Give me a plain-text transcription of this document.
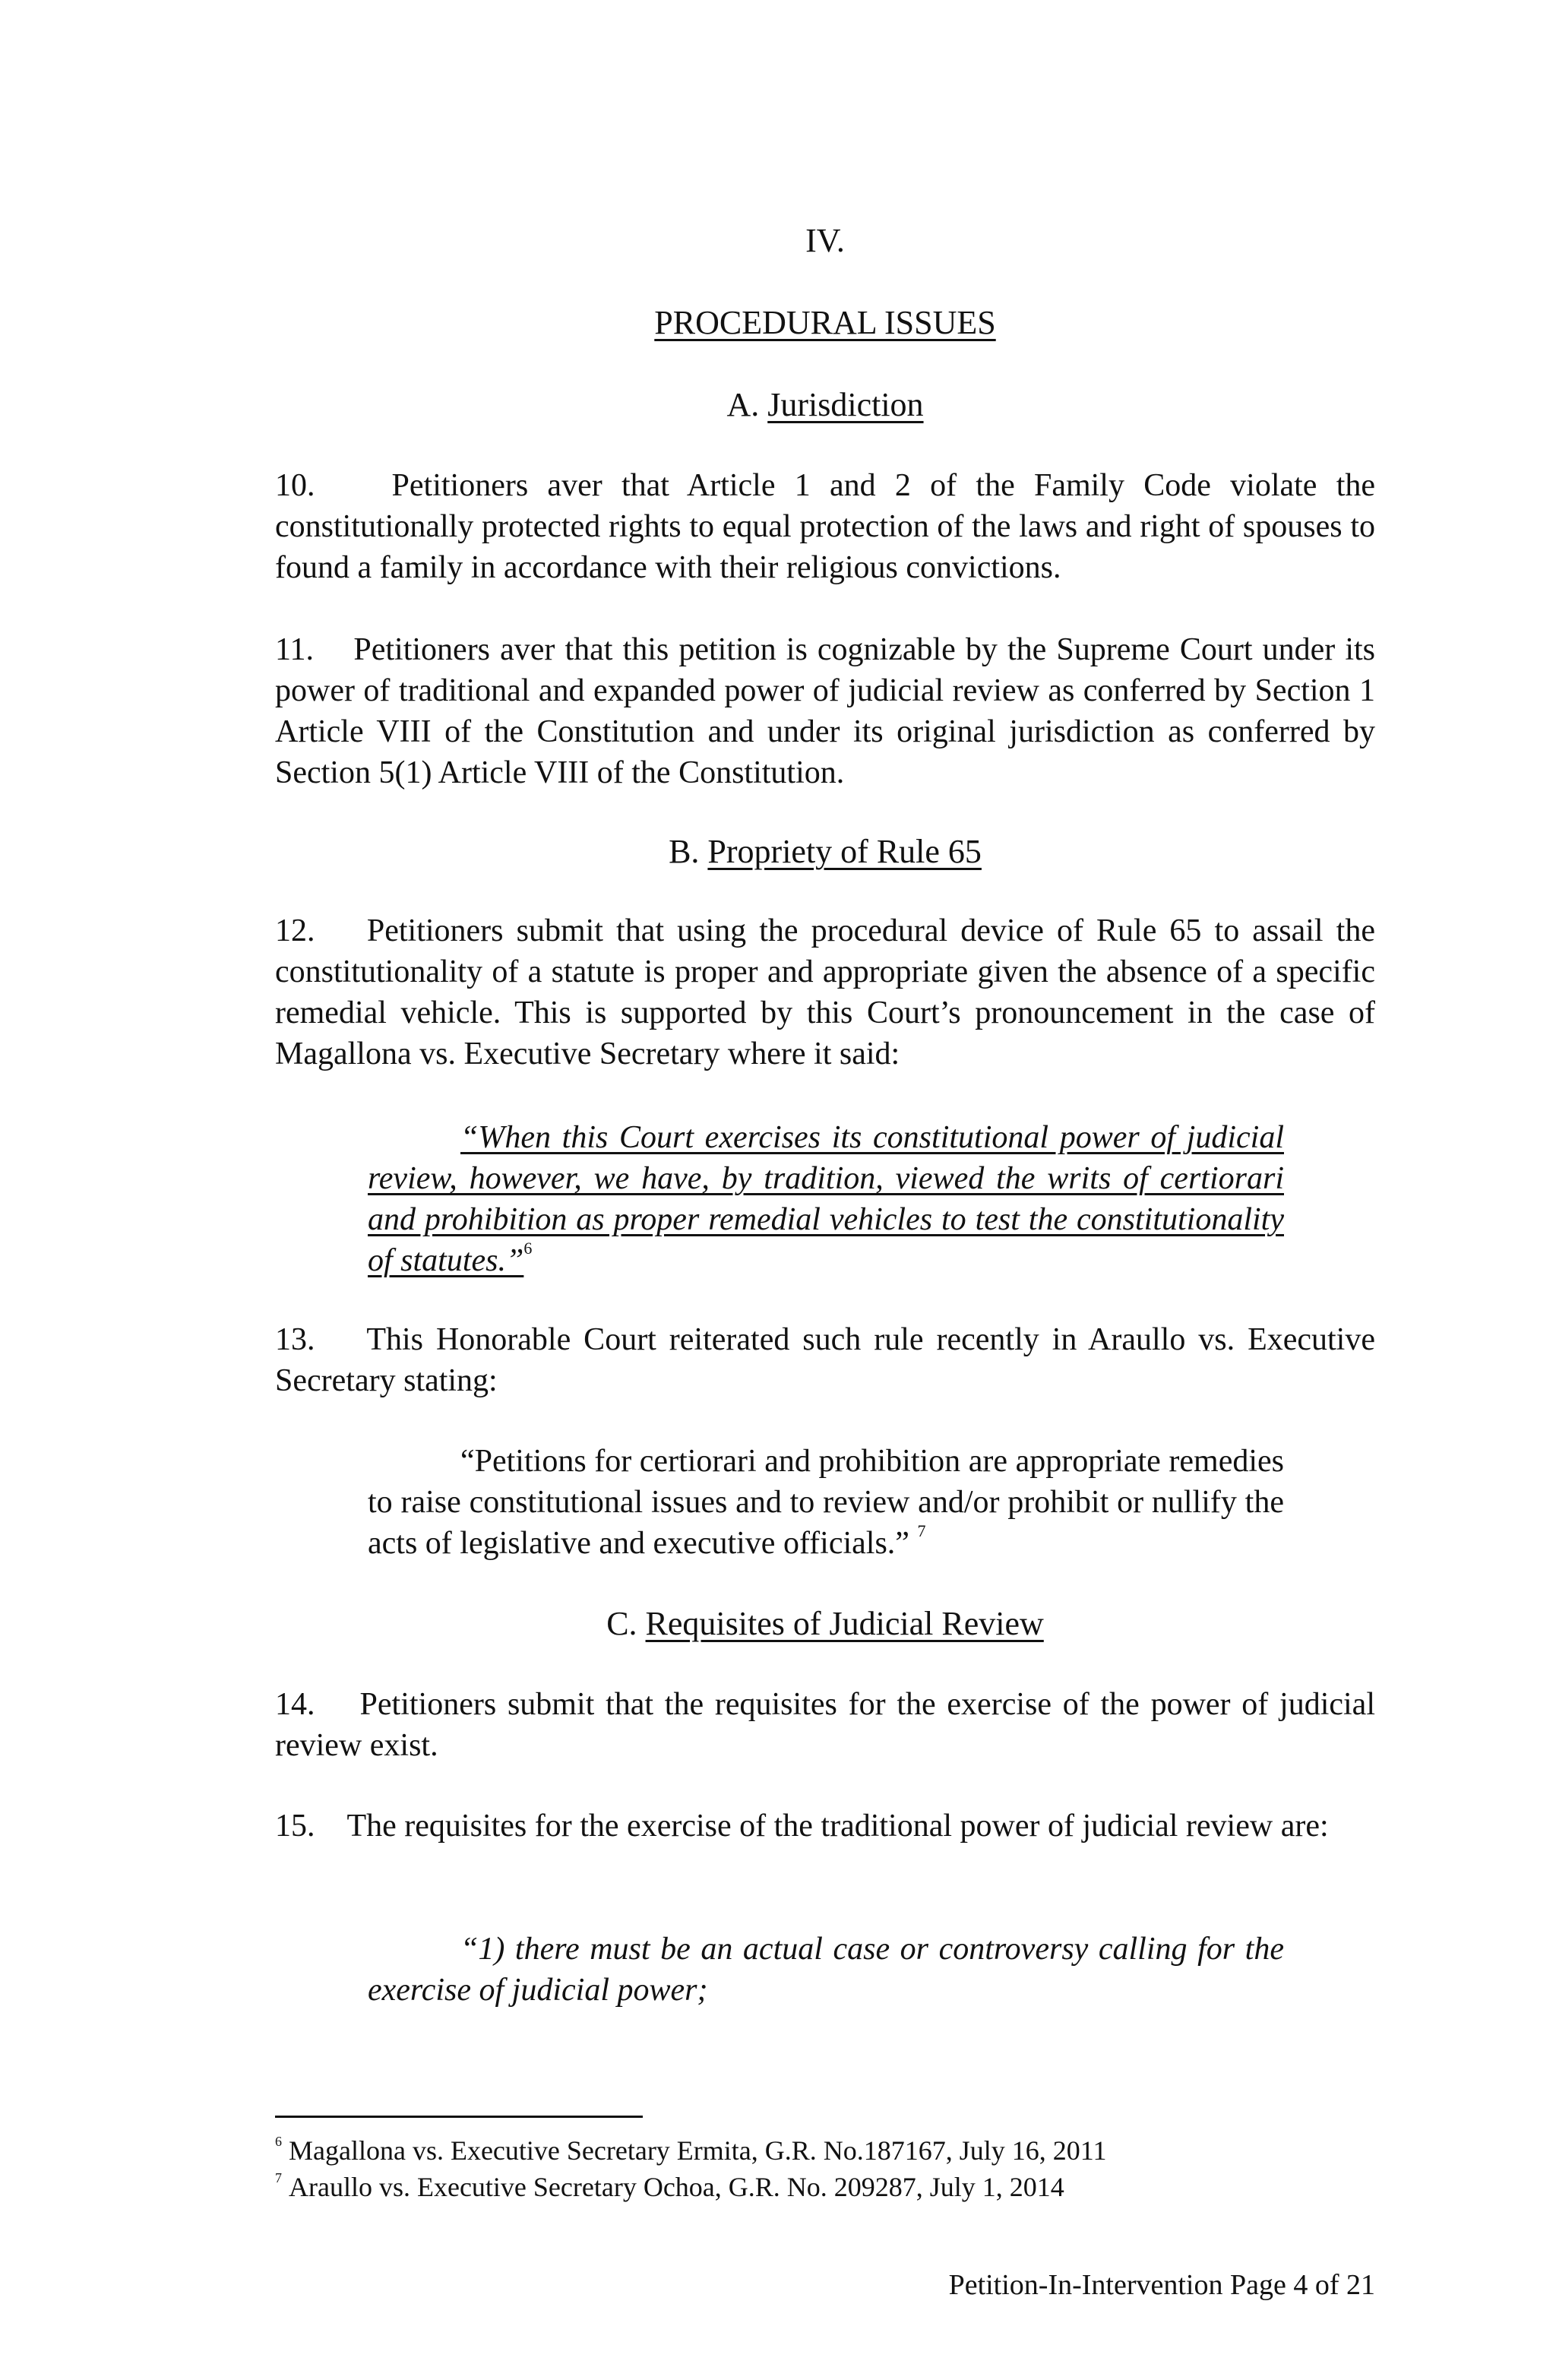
IV.
PROCEDURAL ISSUES
A. Jurisdiction
10. Petitioners aver that Article 1 and 2 of the Family Code violate the constitutionally protected rights to equal protection of the laws and right of spouses to found a family in accordance with their religious convictions.
11. Petitioners aver that this petition is cognizable by the Supreme Court under its power of traditional and expanded power of judicial review as conferred by Section 1 Article VIII of the Constitution and under its original jurisdiction as conferred by Section 5(1) Article VIII of the Constitution.
B. Propriety of Rule 65
12. Petitioners submit that using the procedural device of Rule 65 to assail the constitutionality of a statute is proper and appropriate given the absence of a specific remedial vehicle. This is supported by this Court’s pronouncement in the case of Magallona vs. Executive Secretary where it said:
“When this Court exercises its constitutional power of judicial review, however, we have, by tradition, viewed the writs of certiorari and prohibition as proper remedial vehicles to test the constitutionality of statutes.”$^6$
13. This Honorable Court reiterated such rule recently in Araullo vs. Executive Secretary stating:
“Petitions for certiorari and prohibition are appropriate remedies to raise constitutional issues and to review and/or prohibit or nullify the acts of legislative and executive officials.” $^7$
C. Requisites of Judicial Review
14. Petitioners submit that the requisites for the exercise of the power of judicial review exist.
15. The requisites for the exercise of the traditional power of judicial review are:
“1) there must be an actual case or controversy calling for the exercise of judicial power;
$^6$ Magallona vs. Executive Secretary Ermita, G.R. No.187167, July 16, 2011
$^7$ Araullo vs. Executive Secretary Ochoa, G.R. No. 209287, July 1, 2014
Petition-In-Intervention Page 4 of 21
